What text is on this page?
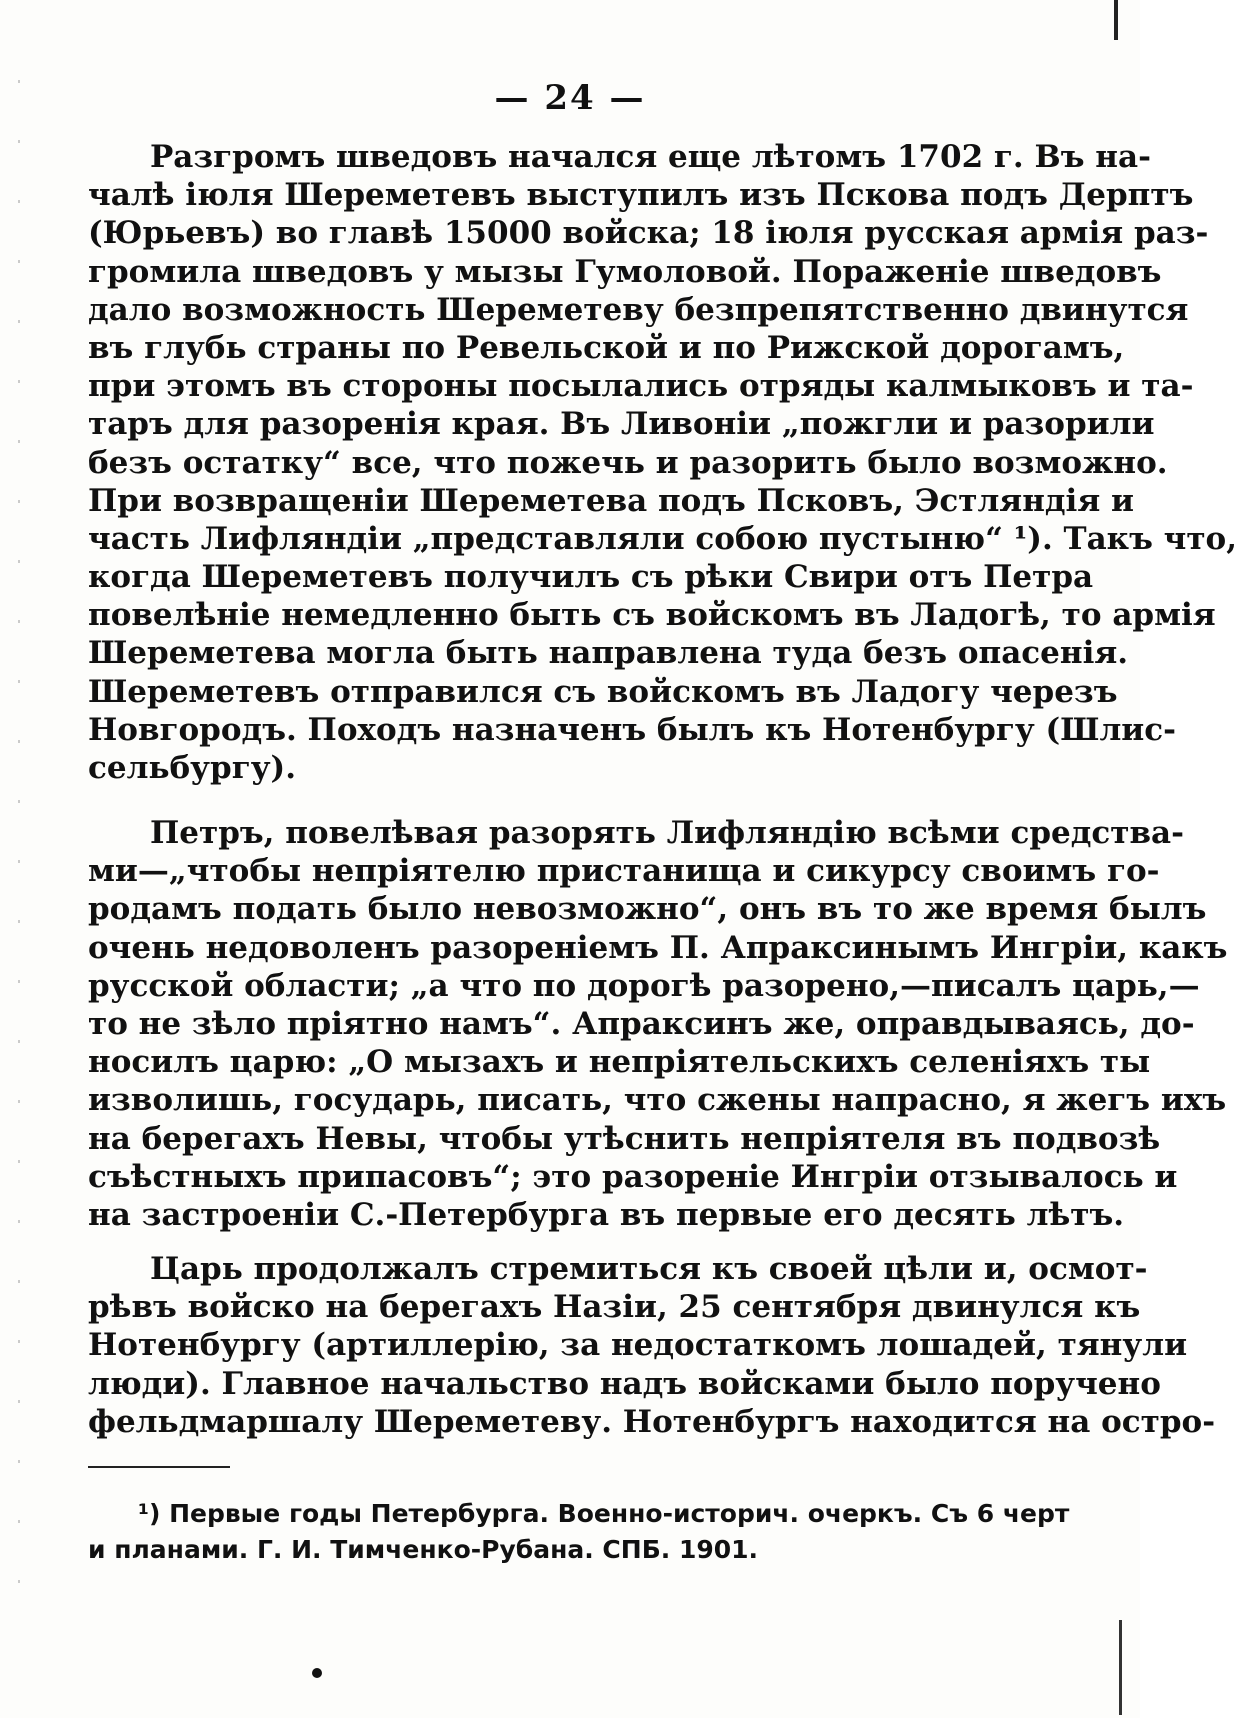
— 24 —
Разгромъ шведовъ начался еще лѣтомъ 1702 г. Въ на-
чалѣ іюля Шереметевъ выступилъ изъ Пскова подъ Дерптъ
(Юрьевъ) во главѣ 15000 войска; 18 іюля русская армія раз-
громила шведовъ у мызы Гумоловой. Пораженіе шведовъ
дало возможность Шереметеву безпрепятственно двинутся
въ глубь страны по Ревельской и по Рижской дорогамъ,
при этомъ въ стороны посылались отряды калмыковъ и та-
таръ для разоренія края. Въ Ливоніи „пожгли и разорили
безъ остатку“ все, что пожечь и разорить было возможно.
При возвращеніи Шереметева подъ Псковъ, Эстляндія и
часть Лифляндіи „представляли собою пустыню“ ¹). Такъ что,
когда Шереметевъ получилъ съ рѣки Свири отъ Петра
повелѣніе немедленно быть съ войскомъ въ Ладогѣ, то армія
Шереметева могла быть направлена туда безъ опасенія.
Шереметевъ отправился съ войскомъ въ Ладогу черезъ
Новгородъ. Походъ назначенъ былъ къ Нотенбургу (Шлис-
сельбургу).
Петръ, повелѣвая разорять Лифляндію всѣми средства-
ми—„чтобы непріятелю пристанища и сикурсу своимъ го-
родамъ подать было невозможно“, онъ въ то же время былъ
очень недоволенъ разореніемъ П. Апраксинымъ Ингріи, какъ
русской области; „а что по дорогѣ разорено,—писалъ царь,—
то не зѣло пріятно намъ“. Апраксинъ же, оправдываясь, до-
носилъ царю: „О мызахъ и непріятельскихъ селеніяхъ ты
изволишь, государь, писать, что сжены напрасно, я жегъ ихъ
на берегахъ Невы, чтобы утѣснить непріятеля въ подвозѣ
съѣстныхъ припасовъ“; это разореніе Ингріи отзывалось и
на застроеніи С.-Петербурга въ первые его десять лѣтъ.
Царь продолжалъ стремиться къ своей цѣли и, осмот-
рѣвъ войско на берегахъ Назіи, 25 сентября двинулся къ
Нотенбургу (артиллерію, за недостаткомъ лошадей, тянули
люди). Главное начальство надъ войсками было поручено
фельдмаршалу Шереметеву. Нотенбургъ находится на остро-
¹) Первые годы Петербурга. Военно-историч. очеркъ. Съ 6 черт
и планами. Г. И. Тимченко-Рубана. СПБ. 1901.
